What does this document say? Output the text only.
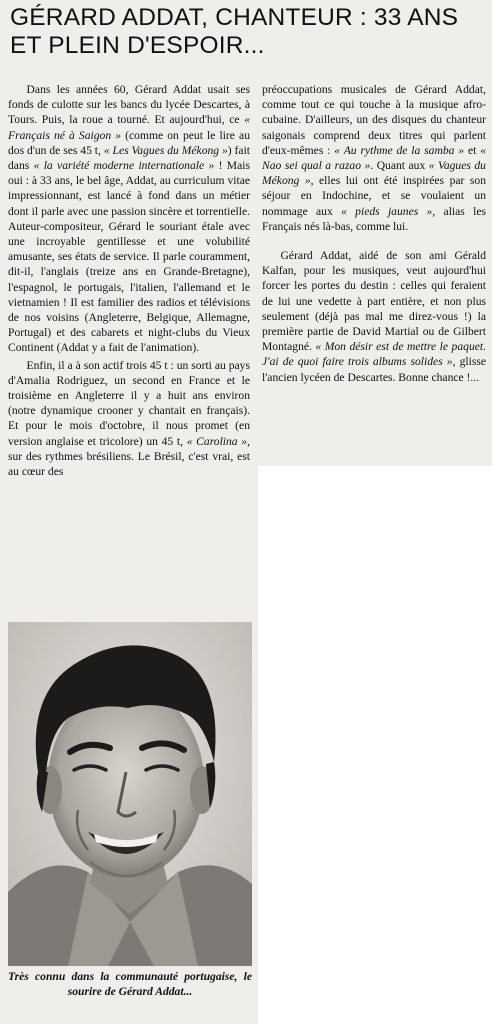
GÉRARD ADDAT, CHANTEUR : 33 ANS ET PLEIN D'ESPOIR...

Dans les années 60, Gérard Addat usait ses fonds de culotte sur les bancs du lycée Descartes, à Tours. Puis, la roue a tourné. Et aujourd'hui, ce « Français né à Saigon » (comme on peut le lire au dos d'un de ses 45 t, « Les Vagues du Mékong ») fait dans « la variété moderne internationale » ! Mais oui : à 33 ans, le bel âge, Addat, au curriculum vitae impressionnant, est lancé à fond dans un métier dont il parle avec une passion sincère et torrentielle. Auteur-compositeur, Gérard le souriant étale avec une incroyable gentillesse et une volubilité amusante, ses états de service. Il parle couramment, dit-il, l'anglais (treize ans en Grande-Bretagne), l'espagnol, le portugais, l'italien, l'allemand et le vietnamien ! Il est familier des radios et télévisions de nos voisins (Angleterre, Belgique, Allemagne, Portugal) et des cabarets et night-clubs du Vieux Continent (Addat y a fait de l'animation).

Enfin, il a à son actif trois 45 t : un sorti au pays d'Amalia Rodriguez, un second en France et le troisième en Angleterre il y a huit ans environ (notre dynamique crooner y chantait en français). Et pour le mois d'octobre, il nous promet (en version anglaise et tricolore) un 45 t, « Carolina », sur des rythmes brésiliens. Le Brésil, c'est vrai, est au cœur des

préoccupations musicales de Gérard Addat, comme tout ce qui touche à la musique afro-cubaine. D'ailleurs, un des disques du chanteur saigonais comprend deux titres qui parlent d'eux-mêmes : « Au rythme de la samba » et « Nao sei qual a razao ». Quant aux « Vagues du Mékong », elles lui ont été inspirées par son séjour en Indochine, et se voulaient un nommage aux « pieds jaunes », alias les Français nés là-bas, comme lui.

Gérard Addat, aidé de son ami Gérald Kalfan, pour les musiques, veut aujourd'hui forcer les portes du destin : celles qui feraient de lui une vedette à part entière, et non plus seulement (déjà pas mal me direz-vous !) la première partie de David Martial ou de Gilbert Montagné. « Mon désir est de mettre le paquet. J'ai de quoi faire trois albums solides », glisse l'ancien lycéen de Descartes. Bonne chance !...

Très connu dans la communauté portugaise, le sourire de Gérard Addat...
